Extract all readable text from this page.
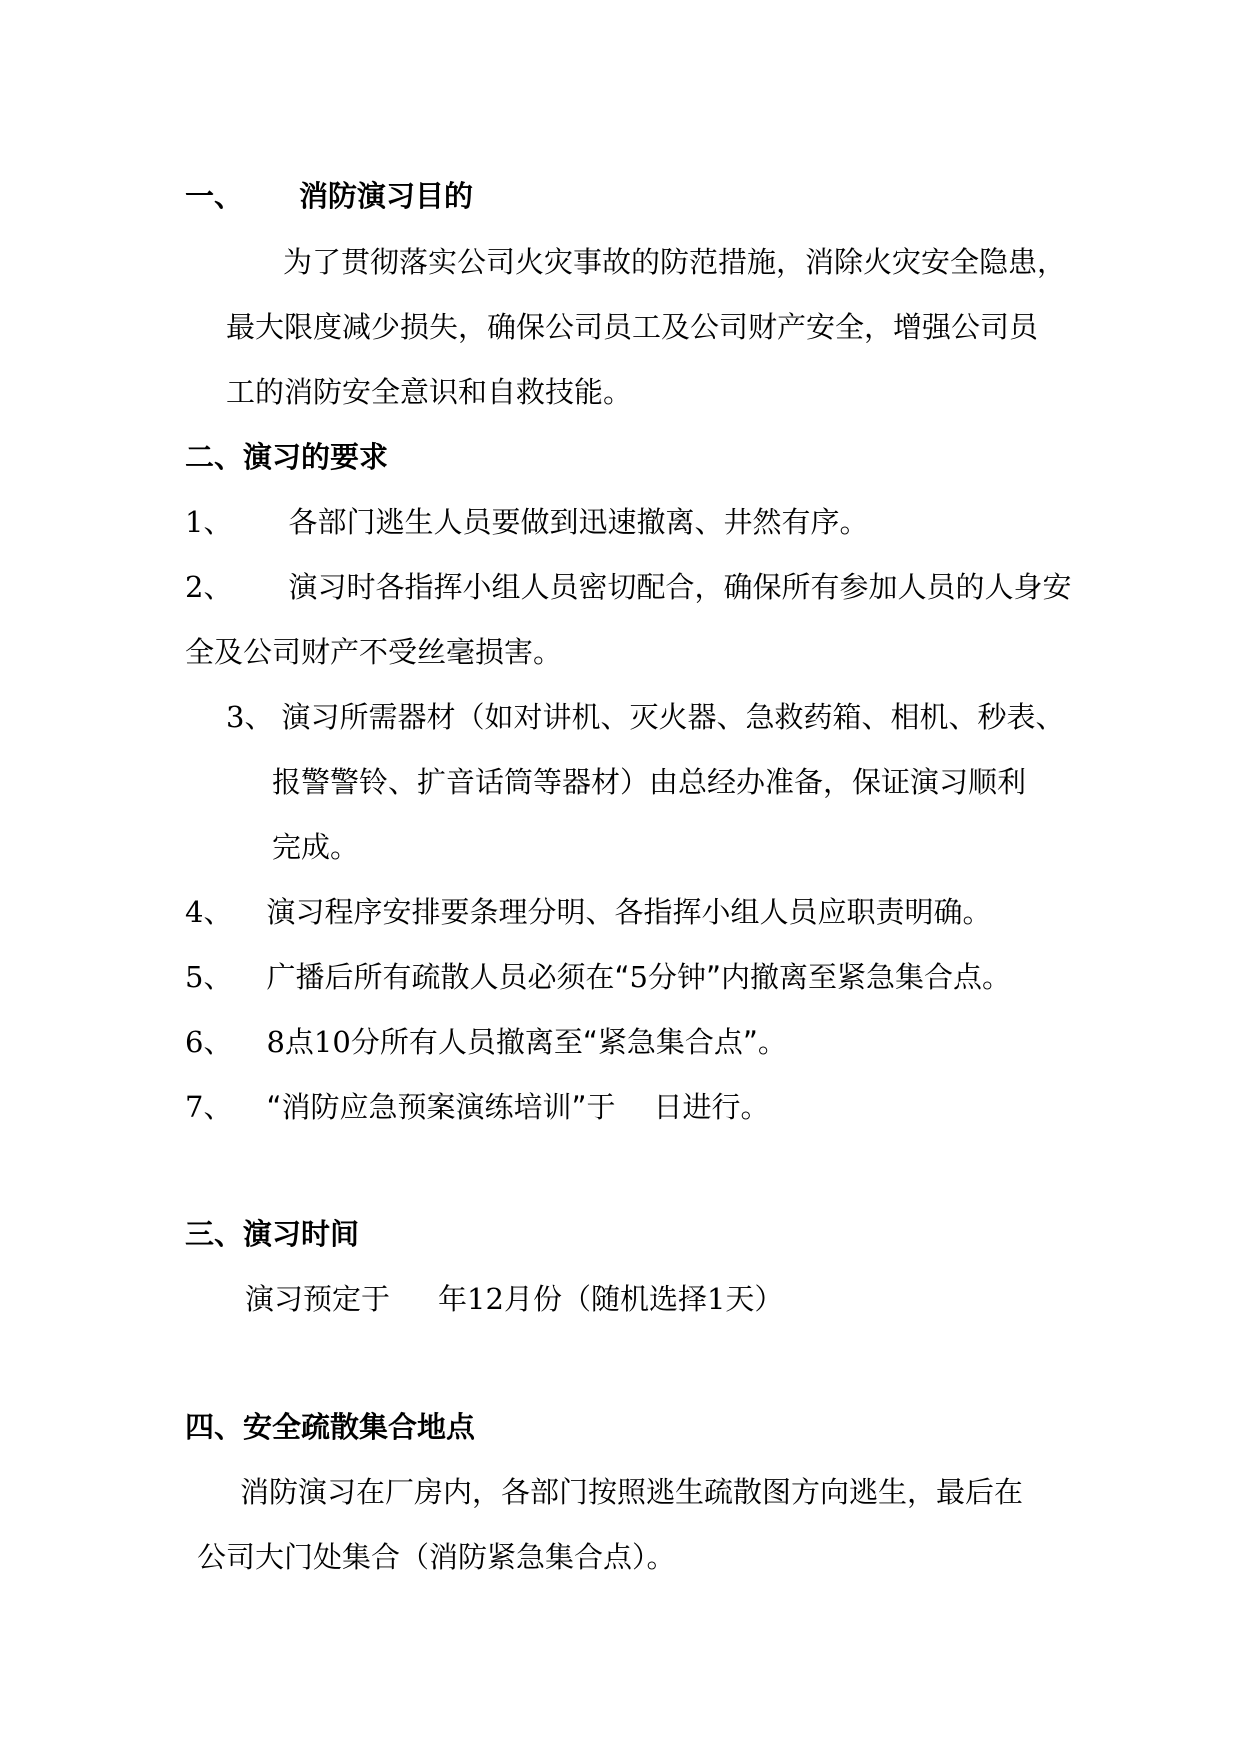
一、 消防演习目的
为了贯彻落实公司火灾事故的防范措施，消除火灾安全隐患，
最大限度减少损失，确保公司员工及公司财产安全，增强公司员
工的消防安全意识和自救技能。
二、演习的要求
1、 各部门逃生人员要做到迅速撤离、井然有序。
2、 演习时各指挥小组人员密切配合，确保所有参加人员的人身安
全及公司财产不受丝毫损害。
3、 演习所需器材（如对讲机、灭火器、急救药箱、相机、秒表、
报警警铃、扩音话筒等器材）由总经办准备，保证演习顺利
完成。
4、 演习程序安排要条理分明、各指挥小组人员应职责明确。
5、 广播后所有疏散人员必须在“5分钟”内撤离至紧急集合点。
6、 8点10分所有人员撤离至“紧急集合点”。
7、 “消防应急预案演练培训”于 日进行。
三、演习时间
演习预定于 年12月份（随机选择1天）
四、安全疏散集合地点
消防演习在厂房内，各部门按照逃生疏散图方向逃生，最后在
公司大门处集合（消防紧急集合点）。
